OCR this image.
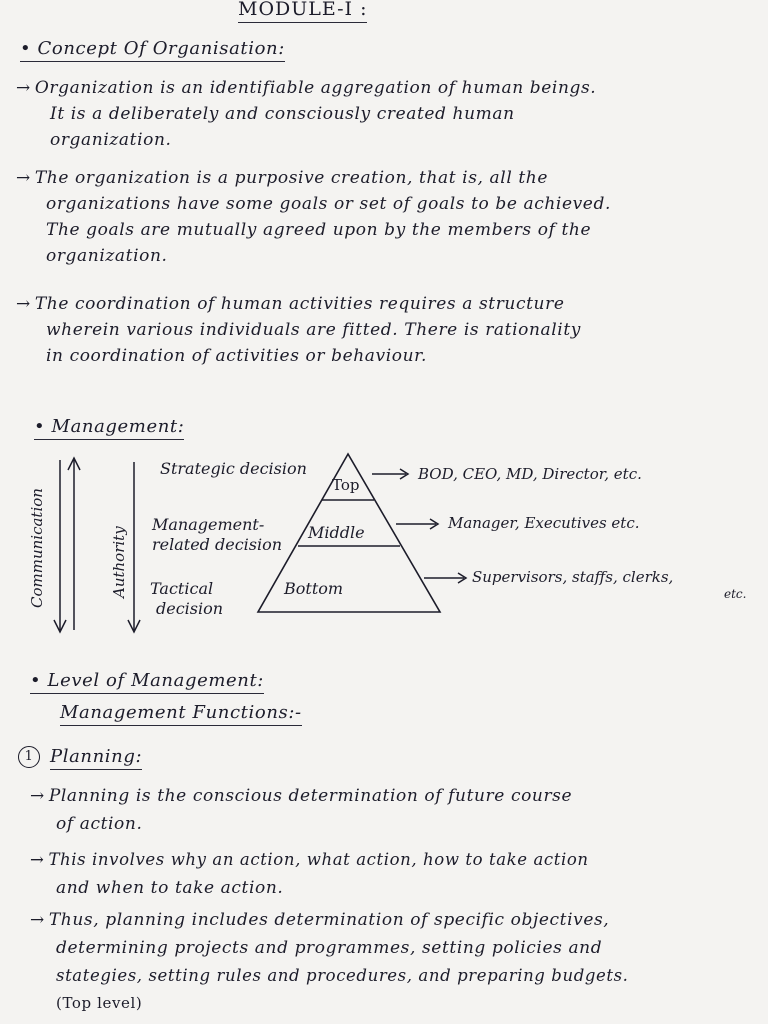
MODULE-I :
• Concept Of Organisation:
→ Organization is an identifiable aggregation of human beings.
It is a deliberately and consciously created human
organization.
→ The organization is a purposive creation, that is, all the
organizations have some goals or set of goals to be achieved.
The goals are mutually agreed upon by the members of the
organization.
→ The coordination of human activities requires a structure
wherein various individuals are fitted. There is rationality
in coordination of activities or behaviour.
• Management:
Communication	Authority
Strategic decision
Management-
related decision
Tactical
decision
Top
Middle
Bottom
BOD, CEO, MD, Director, etc.
Manager, Executives etc.
Supervisors, staffs, clerks,
etc.
• Level of Management:
Management Functions:-
1 Planning:
→ Planning is the conscious determination of future course
of action.
→ This involves why an action, what action, how to take action
and when to take action.
→ Thus, planning includes determination of specific objectives,
determining projects and programmes, setting policies and
stategies, setting rules and procedures, and preparing budgets.
(Top level)
